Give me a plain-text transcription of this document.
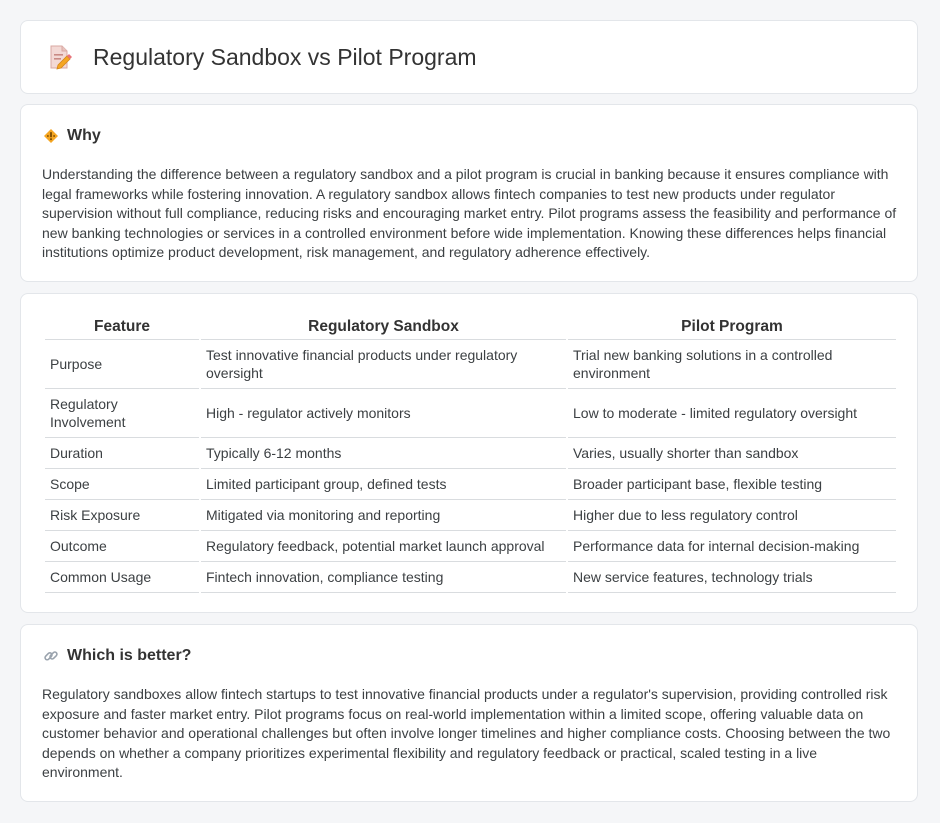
Regulatory Sandbox vs Pilot Program
Why

Understanding the difference between a regulatory sandbox and a pilot program is crucial in banking because it ensures compliance with legal frameworks while fostering innovation. A regulatory sandbox allows fintech companies to test new products under regulator supervision without full compliance, reducing risks and encouraging market entry. Pilot programs assess the feasibility and performance of new banking technologies or services in a controlled environment before wide implementation. Knowing these differences helps financial institutions optimize product development, risk management, and regulatory adherence effectively.

Feature	Regulatory Sandbox	Pilot Program
Purpose	Test innovative financial products under regulatory oversight	Trial new banking solutions in a controlled environment
Regulatory Involvement	High - regulator actively monitors	Low to moderate - limited regulatory oversight
Duration	Typically 6-12 months	Varies, usually shorter than sandbox
Scope	Limited participant group, defined tests	Broader participant base, flexible testing
Risk Exposure	Mitigated via monitoring and reporting	Higher due to less regulatory control
Outcome	Regulatory feedback, potential market launch approval	Performance data for internal decision-making
Common Usage	Fintech innovation, compliance testing	New service features, technology trials
Which is better?

Regulatory sandboxes allow fintech startups to test innovative financial products under a regulator's supervision, providing controlled risk exposure and faster market entry. Pilot programs focus on real-world implementation within a limited scope, offering valuable data on customer behavior and operational challenges but often involve longer timelines and higher compliance costs. Choosing between the two depends on whether a company prioritizes experimental flexibility and regulatory feedback or practical, scaled testing in a live environment.
